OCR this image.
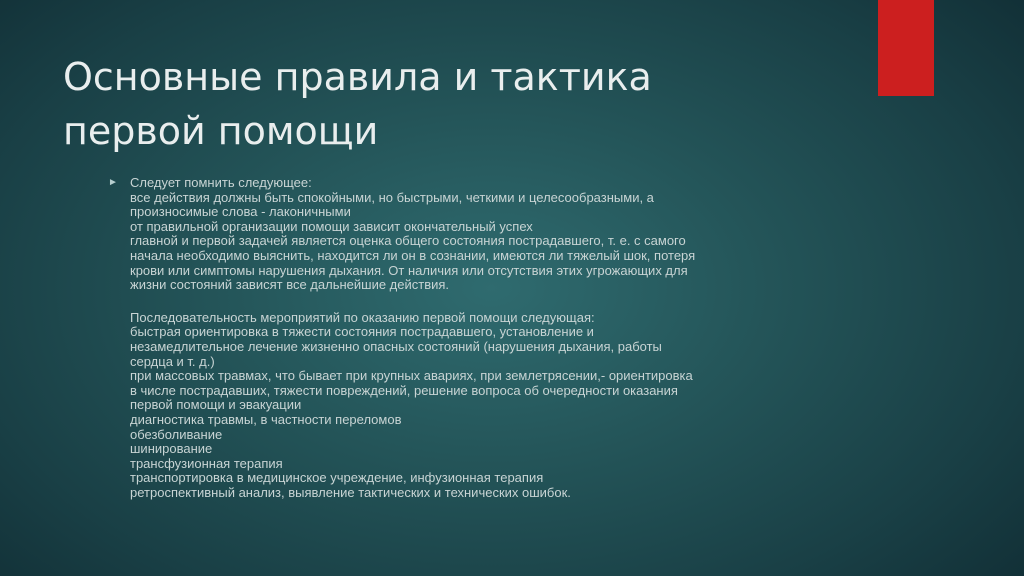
Основные правила и тактика
первой помощи
► Следует помнить следующее:
все действия должны быть спокойными, но быстрыми, четкими и целесообразными, а
произносимые слова - лаконичными
от правильной организации помощи зависит окончательный успех
главной и первой задачей является оценка общего состояния пострадавшего, т. е. с самого
начала необходимо выяснить, находится ли он в сознании, имеются ли тяжелый шок, потеря
крови или симптомы нарушения дыхания. От наличия или отсутствия этих угрожающих для
жизни состояний зависят все дальнейшие действия.

Последовательность мероприятий по оказанию первой помощи следующая:
быстрая ориентировка в тяжести состояния пострадавшего, установление и
незамедлительное лечение жизненно опасных состояний (нарушения дыхания, работы
сердца и т. д.)
при массовых травмах, что бывает при крупных авариях, при землетрясении,- ориентировка
в числе пострадавших, тяжести повреждений, решение вопроса об очередности оказания
первой помощи и эвакуации
диагностика травмы, в частности переломов
обезболивание
шинирование
трансфузионная терапия
транспортировка в медицинское учреждение, инфузионная терапия
ретроспективный анализ, выявление тактических и технических ошибок.
